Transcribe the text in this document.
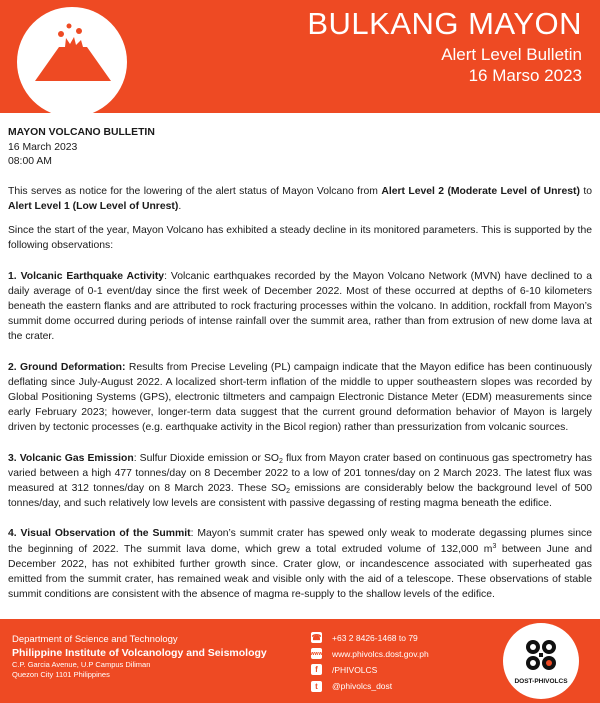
BULKANG MAYON
Alert Level Bulletin
16 Marso 2023
MAYON VOLCANO BULLETIN
16 March 2023
08:00 AM

This serves as notice for the lowering of the alert status of Mayon Volcano from Alert Level 2 (Moderate Level of Unrest) to Alert Level 1 (Low Level of Unrest).

Since the start of the year, Mayon Volcano has exhibited a steady decline in its monitored parameters. This is supported by the following observations:

1. Volcanic Earthquake Activity: Volcanic earthquakes recorded by the Mayon Volcano Network (MVN) have declined to a daily average of 0-1 event/day since the first week of December 2022. Most of these occurred at depths of 6-10 kilometers beneath the eastern flanks and are attributed to rock fracturing processes within the volcano. In addition, rockfall from Mayon’s summit dome occurred during periods of intense rainfall over the summit area, rather than from extrusion of new dome lava at the crater.

2. Ground Deformation: Results from Precise Leveling (PL) campaign indicate that the Mayon edifice has been continuously deflating since July-August 2022. A localized short-term inflation of the middle to upper southeastern slopes was recorded by Global Positioning Systems (GPS), electronic tiltmeters and campaign Electronic Distance Meter (EDM) measurements since early February 2023; however, longer-term data suggest that the current ground deformation behavior of Mayon is largely driven by tectonic processes (e.g. earthquake activity in the Bicol region) rather than pressurization from volcanic sources.

3. Volcanic Gas Emission: Sulfur Dioxide emission or $SO_2$ flux from Mayon crater based on continuous gas spectrometry has varied between a high 477 tonnes/day on 8 December 2022 to a low of 201 tonnes/day on 2 March 2023. The latest flux was measured at 312 tonnes/day on 8 March 2023. These $SO_2$ emissions are considerably below the background level of 500 tonnes/day, and such relatively low levels are consistent with passive degassing of resting magma beneath the edifice.

4. Visual Observation of the Summit: Mayon’s summit crater has spewed only weak to moderate degassing plumes since the beginning of 2022. The summit lava dome, which grew a total extruded volume of 132,000 $m^3$ between June and December 2022, has not exhibited further growth since. Crater glow, or incandescence associated with superheated gas emitted from the summit crater, has remained weak and visible only with the aid of a telescope. These observations of stable summit conditions are consistent with the absence of magma re-supply to the shallow levels of the edifice.

Department of Science and Technology
Philippine Institute of Volcanology and Seismology
C.P. Garcia Avenue, U.P Campus Diliman
Quezon City 1101 Philippines
☎ +63 2 8426-1468 to 79
www www.phivolcs.dost.gov.ph
f	/PHIVOLCS
t	@phivolcs_dost	DOST-PHIVOLCS
